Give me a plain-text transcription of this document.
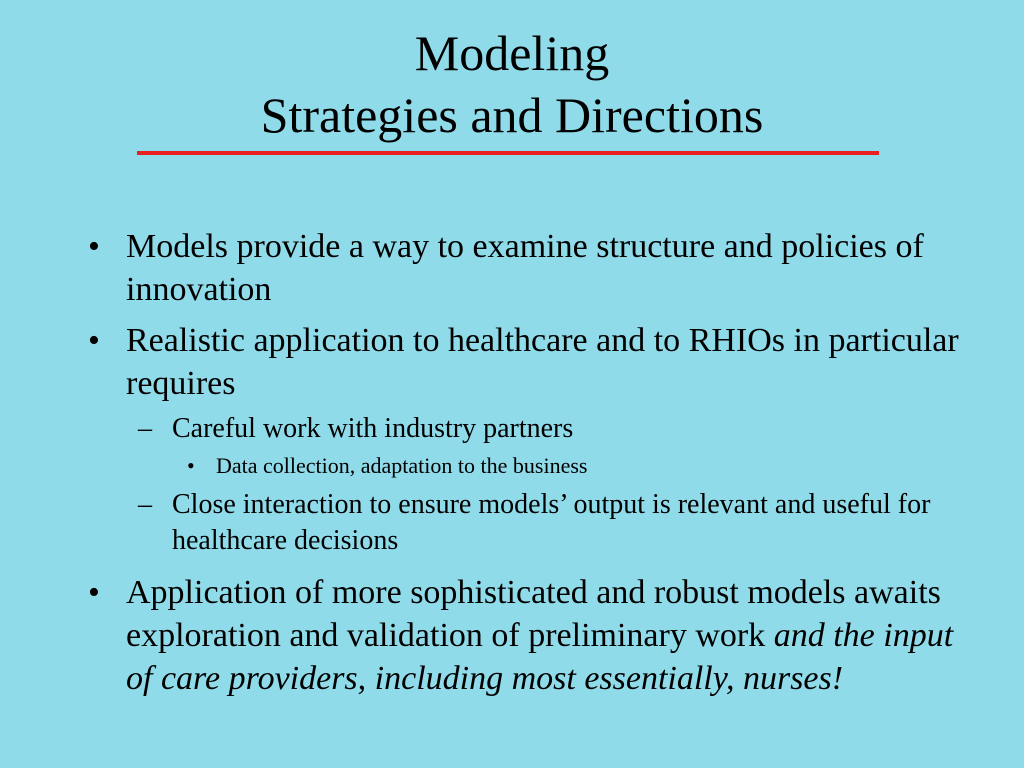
Modeling
Strategies and Directions
• Models provide a way to examine structure and policies of innovation
• Realistic application to healthcare and to RHIOs in particular requires
– Careful work with industry partners
• Data collection, adaptation to the business
– Close interaction to ensure models’ output is relevant and useful for healthcare decisions
• Application of more sophisticated and robust models awaits exploration and validation of preliminary work and the input of care providers, including most essentially, nurses!
